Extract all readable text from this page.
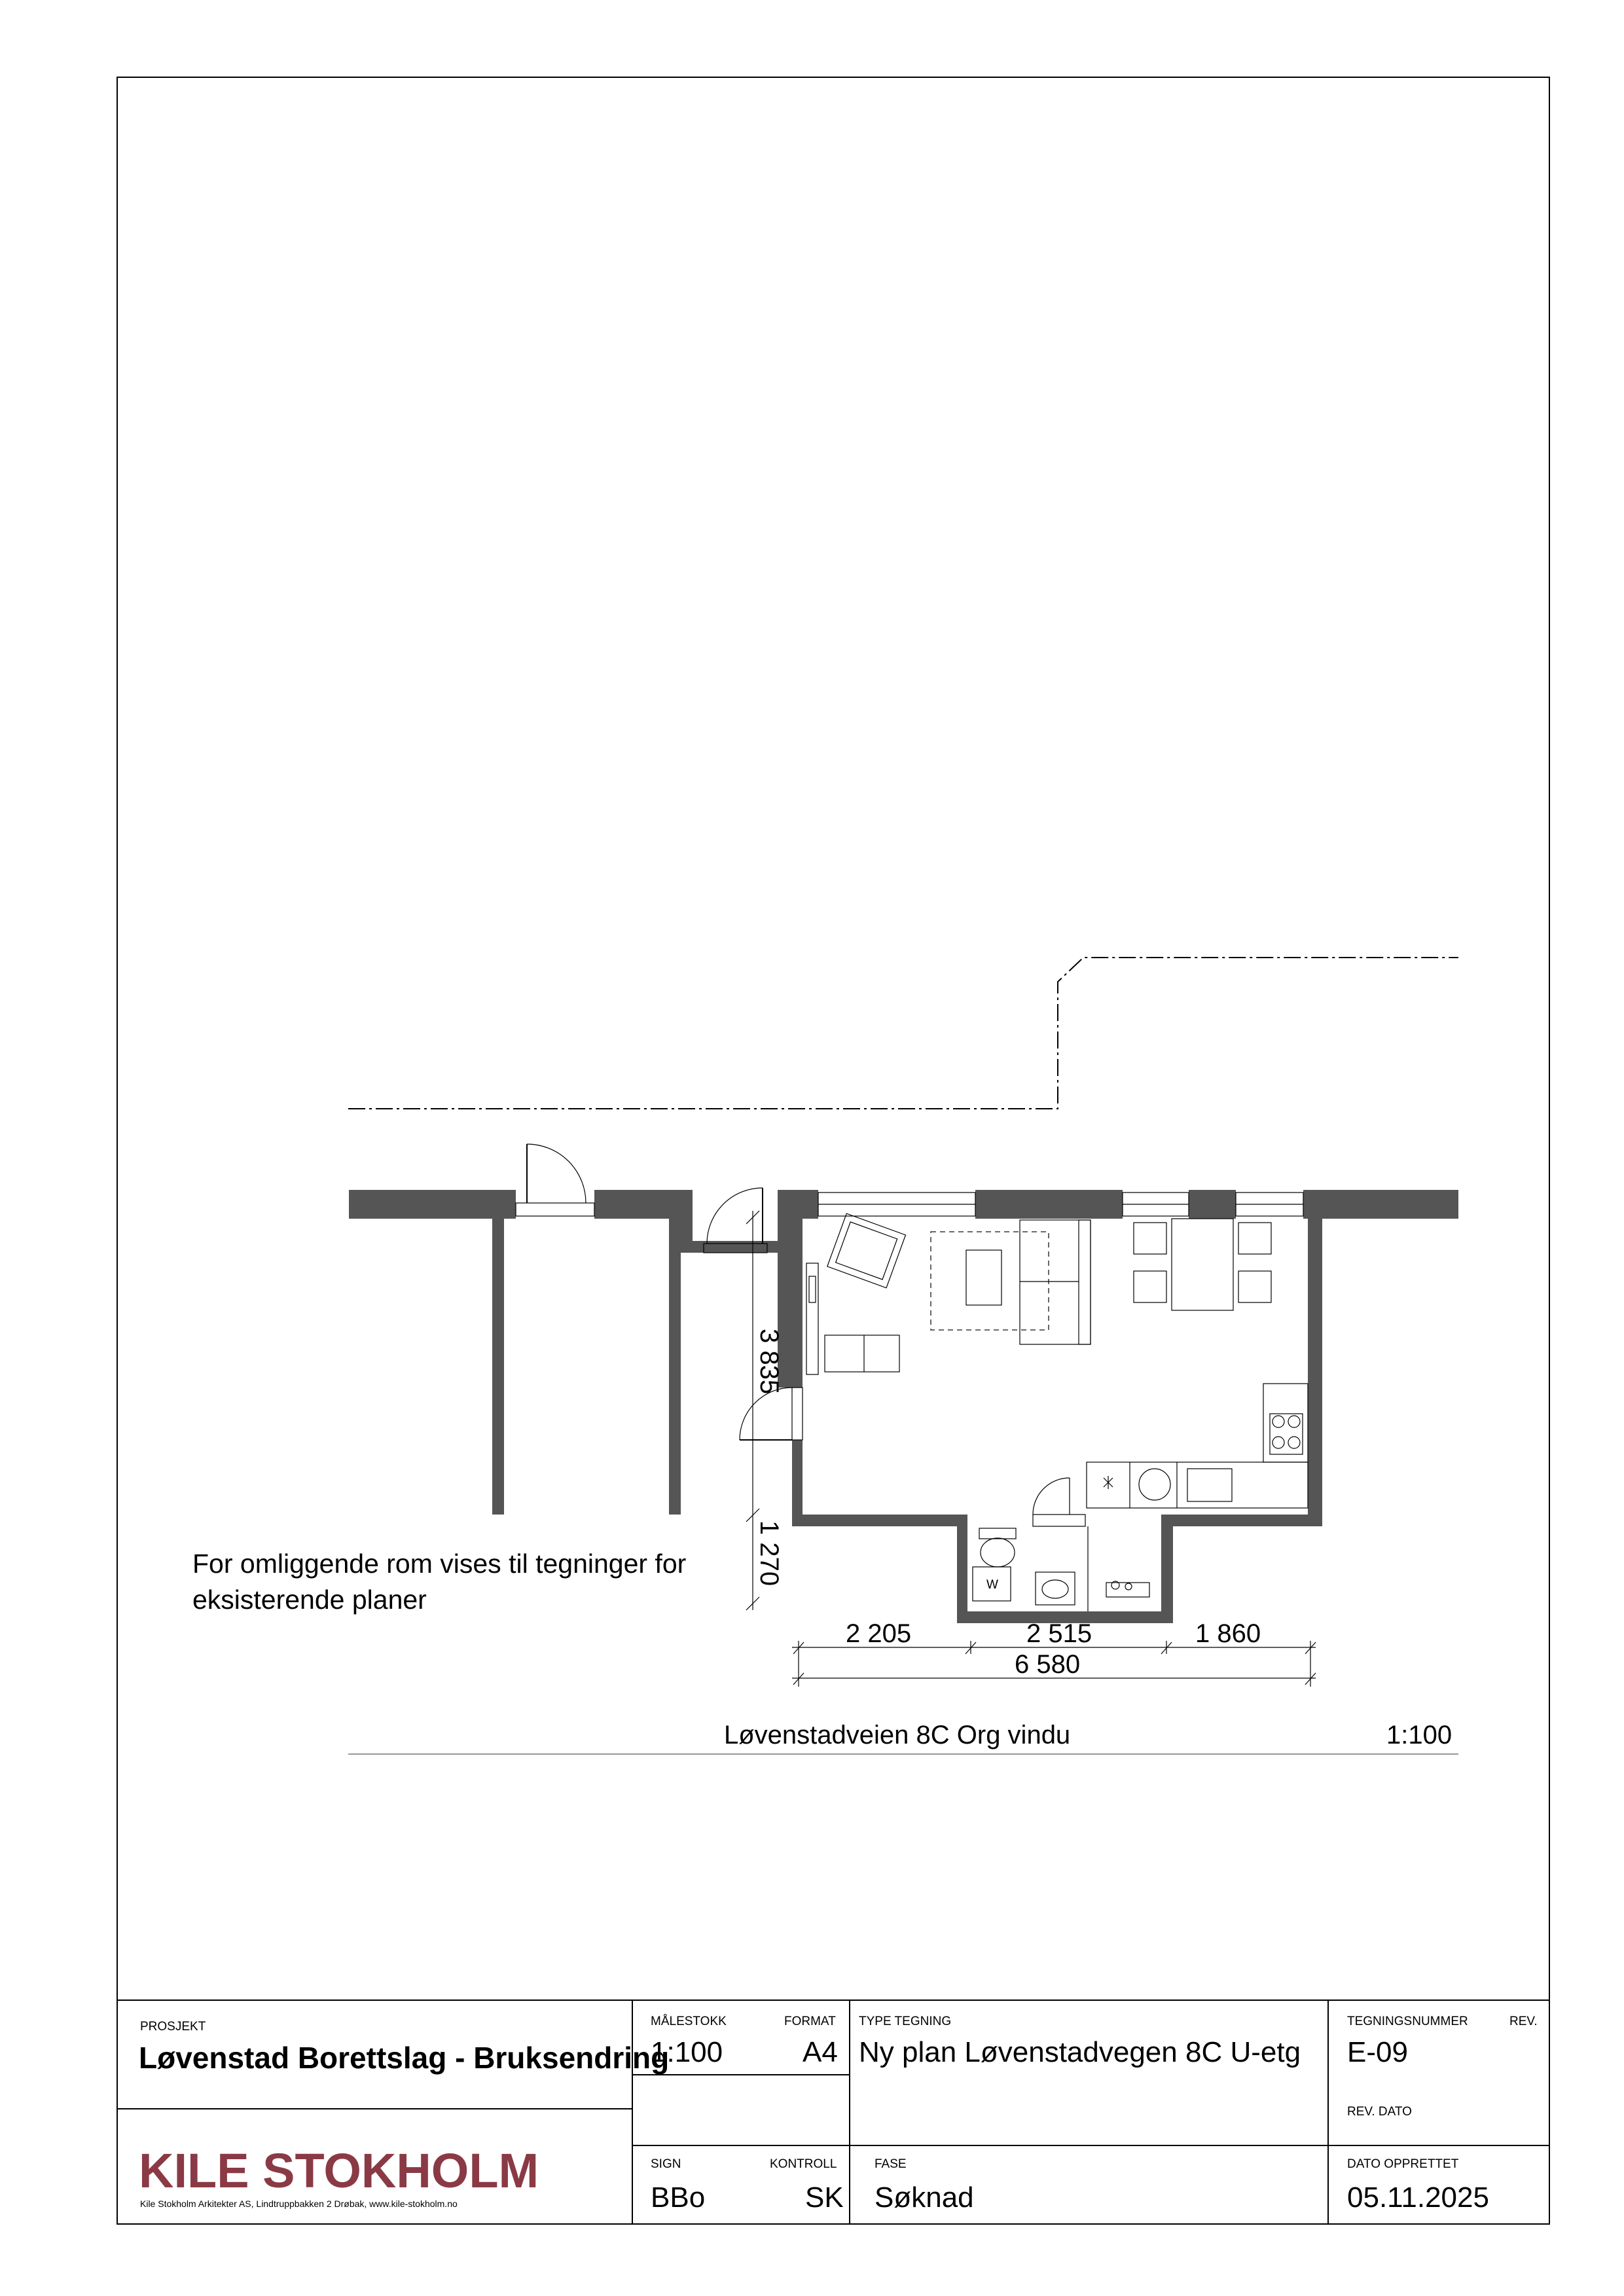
W
3 835
1 270
2 205	2 515	1 860
6 580
For omliggende rom vises til tegninger for
eksisterende planer
Løvenstadveien 8C Org vindu	1:100
PROSJEKT
Løvenstad Borettslag - Bruksendring
MÅLESTOKK
1:100
FORMAT
A4
TYPE TEGNING
Ny plan Løvenstadvegen 8C U-etg
TEGNINGSNUMMER	REV.
E-09
REV. DATO
KILE STOKHOLM
Kile Stokholm Arkitekter AS, Lindtruppbakken 2 Drøbak, www.kile-stokholm.no
SIGN
BBo
KONTROLL
SK
FASE
Søknad
DATO OPPRETTET
05.11.2025
